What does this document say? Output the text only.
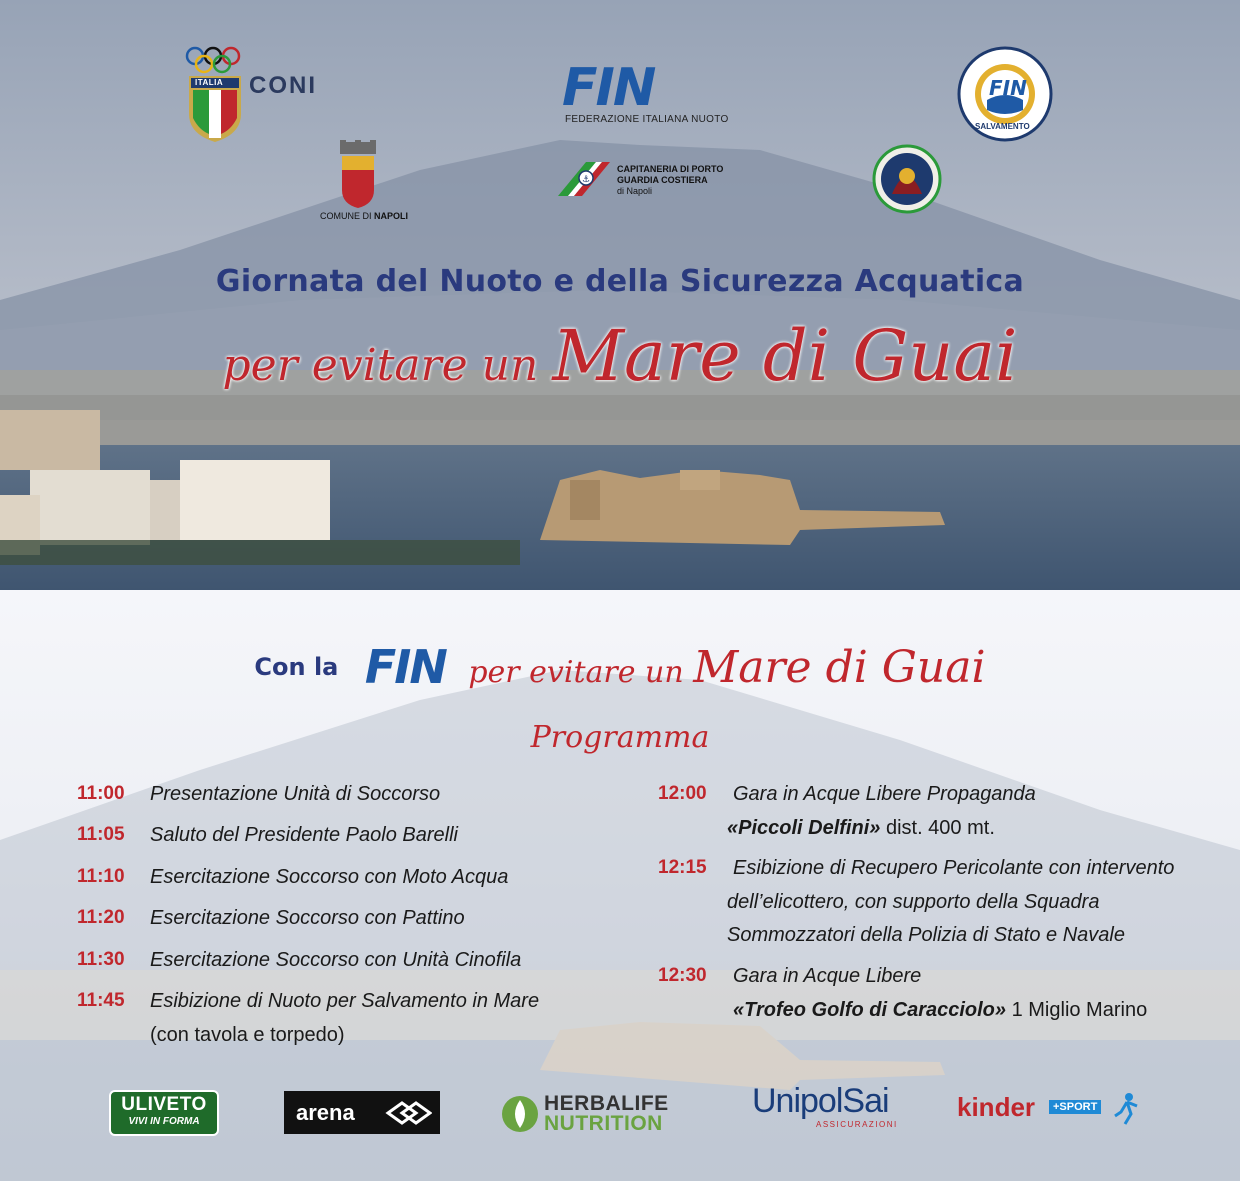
ITALIA CONI
COMUNE DI NAPOLI
FIN
FEDERAZIONE ITALIANA NUOTO
⚓
CAPITANERIA DI PORTO
GUARDIA COSTIERA
di Napoli
FIN
SALVAMENTO
Giornata del Nuoto e della Sicurezza Acquatica
per evitare un Mare di Guai
Con la FIN per evitare un Mare di Guai
Programma
11:00 Presentazione Unità di Soccorso
11:05 Saluto del Presidente Paolo Barelli
11:10 Esercitazione Soccorso con Moto Acqua
11:20 Esercitazione Soccorso con Pattino
11:30 Esercitazione Soccorso con Unità Cinofila
11:45 Esibizione di Nuoto per Salvamento in Mare
(con tavola e torpedo)
12:00 Gara in Acque Libere Propaganda
«Piccoli Delfini» dist. 400 mt.
12:15 Esibizione di Recupero Pericolante con intervento
dell’elicottero, con supporto della Squadra
Sommozzatori della Polizia di Stato e Navale
12:30 Gara in Acque Libere
«Trofeo Golfo di Caracciolo» 1 Miglio Marino
ULIVETO
VIVI IN FORMA	arena	HERBALIFE
NUTRITION
UnipolSai
ASSICURAZIONI
kinder	+SPORT
